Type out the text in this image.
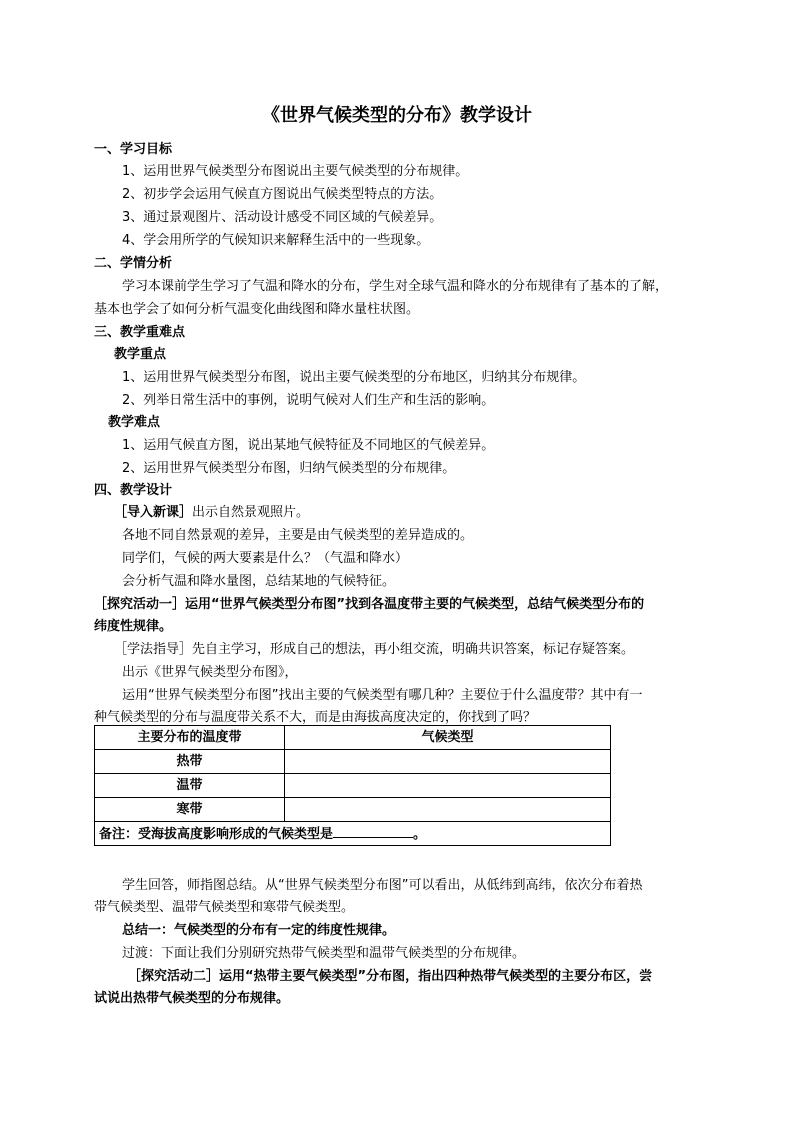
《世界气候类型的分布》教学设计
一、学习目标
1、运用世界气候类型分布图说出主要气候类型的分布规律。
2、初步学会运用气候直方图说出气候类型特点的方法。
3、通过景观图片、活动设计感受不同区域的气候差异。
4、学会用所学的气候知识来解释生活中的一些现象。
二、学情分析
学习本课前学生学习了气温和降水的分布，学生对全球气温和降水的分布规律有了基本的了解，
基本也学会了如何分析气温变化曲线图和降水量柱状图。
三、教学重难点
教学重点
1、运用世界气候类型分布图，说出主要气候类型的分布地区，归纳其分布规律。
2、列举日常生活中的事例，说明气候对人们生产和生活的影响。
教学难点
1、运用气候直方图，说出某地气候特征及不同地区的气候差异。
2、运用世界气候类型分布图，归纳气候类型的分布规律。
四、教学设计
［导入新课］出示自然景观照片。
各地不同自然景观的差异，主要是由气候类型的差异造成的。
同学们，气候的两大要素是什么？（气温和降水）
会分析气温和降水量图，总结某地的气候特征。
［探究活动一］运用“世界气候类型分布图”找到各温度带主要的气候类型，总结气候类型分布的
纬度性规律。
［学法指导］先自主学习，形成自己的想法，再小组交流，明确共识答案，标记存疑答案。
出示《世界气候类型分布图》，
运用“世界气候类型分布图”找出主要的气候类型有哪几种？主要位于什么温度带？其中有一
种气候类型的分布与温度带关系不大，而是由海拔高度决定的，你找到了吗？
主要分布的温度带	气候类型
热带	
温带	
寒带	
备注：受海拔高度影响形成的气候类型是 。	
学生回答，师指图总结。从“世界气候类型分布图”可以看出，从低纬到高纬，依次分布着热
带气候类型、温带气候类型和寒带气候类型。
总结一：气候类型的分布有一定的纬度性规律。
过渡：下面让我们分别研究热带气候类型和温带气候类型的分布规律。
［探究活动二］运用“热带主要气候类型”分布图，指出四种热带气候类型的主要分布区，尝
试说出热带气候类型的分布规律。
